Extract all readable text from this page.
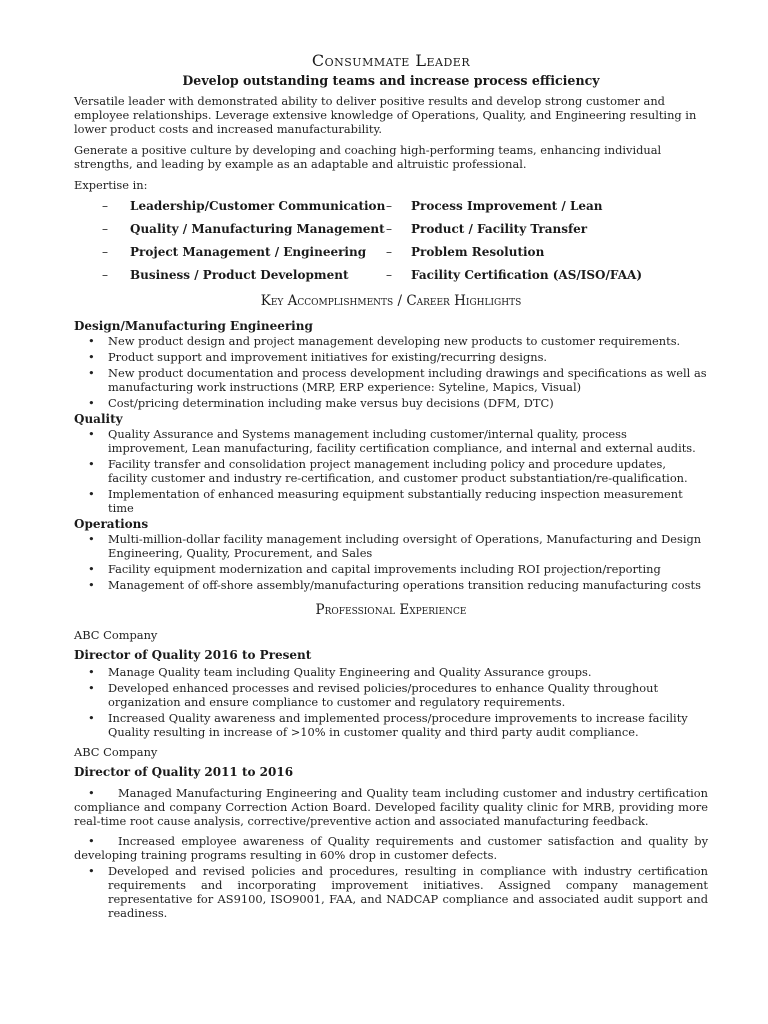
Consummate Leader
Develop outstanding teams and increase process efficiency

Versatile leader with demonstrated ability to deliver positive results and develop strong customer and employee relationships. Leverage extensive knowledge of Operations, Quality, and Engineering resulting in lower product costs and increased manufacturability.

Generate a positive culture by developing and coaching high-performing teams, enhancing individual strengths, and leading by example as an adaptable and altruistic professional.

Expertise in:

–	Leadership/Customer Communication –	Process Improvement / Lean
–	Quality / Manufacturing Management –	Product / Facility Transfer
–	Project Management / Engineering –	Problem Resolution
–	Business / Product Development	–	Facility Certification (AS/ISO/FAA)
Key Accomplishments / Career Highlights
Design/Manufacturing Engineering
• New product design and project management developing new products to customer requirements.
• Product support and improvement initiatives for existing/recurring designs.
• New product documentation and process development including drawings and specifications as well as manufacturing work instructions (MRP, ERP experience: Syteline, Mapics, Visual)
• Cost/pricing determination including make versus buy decisions (DFM, DTC)
Quality
• Quality Assurance and Systems management including customer/internal quality, process improvement, Lean manufacturing, facility certification compliance, and internal and external audits.
• Facility transfer and consolidation project management including policy and procedure updates, facility customer and industry re-certification, and customer product substantiation/re-qualification.
• Implementation of enhanced measuring equipment substantially reducing inspection measurement time
Operations
• Multi-million-dollar facility management including oversight of Operations, Manufacturing and Design Engineering, Quality, Procurement, and Sales
• Facility equipment modernization and capital improvements including ROI projection/reporting
• Management of off-shore assembly/manufacturing operations transition reducing manufacturing costs
Professional Experience
ABC Company
Director of Quality 2016 to Present
• Manage Quality team including Quality Engineering and Quality Assurance groups.
• Developed enhanced processes and revised policies/procedures to enhance Quality throughout organization and ensure compliance to customer and regulatory requirements.
• Increased Quality awareness and implemented process/procedure improvements to increase facility Quality resulting in increase of >10% in customer quality and third party audit compliance.
ABC Company
Director of Quality 2011 to 2016
• Managed Manufacturing Engineering and Quality team including customer and industry certification compliance and company Correction Action Board. Developed facility quality clinic for MRB, providing more real-time root cause analysis, corrective/preventive action and associated manufacturing feedback.
• Increased employee awareness of Quality requirements and customer satisfaction and quality by developing training programs resulting in 60% drop in customer defects.
• Developed and revised policies and procedures, resulting in compliance with industry certification requirements and incorporating improvement initiatives. Assigned company management representative for AS9100, ISO9001, FAA, and NADCAP compliance and associated audit support and readiness.
